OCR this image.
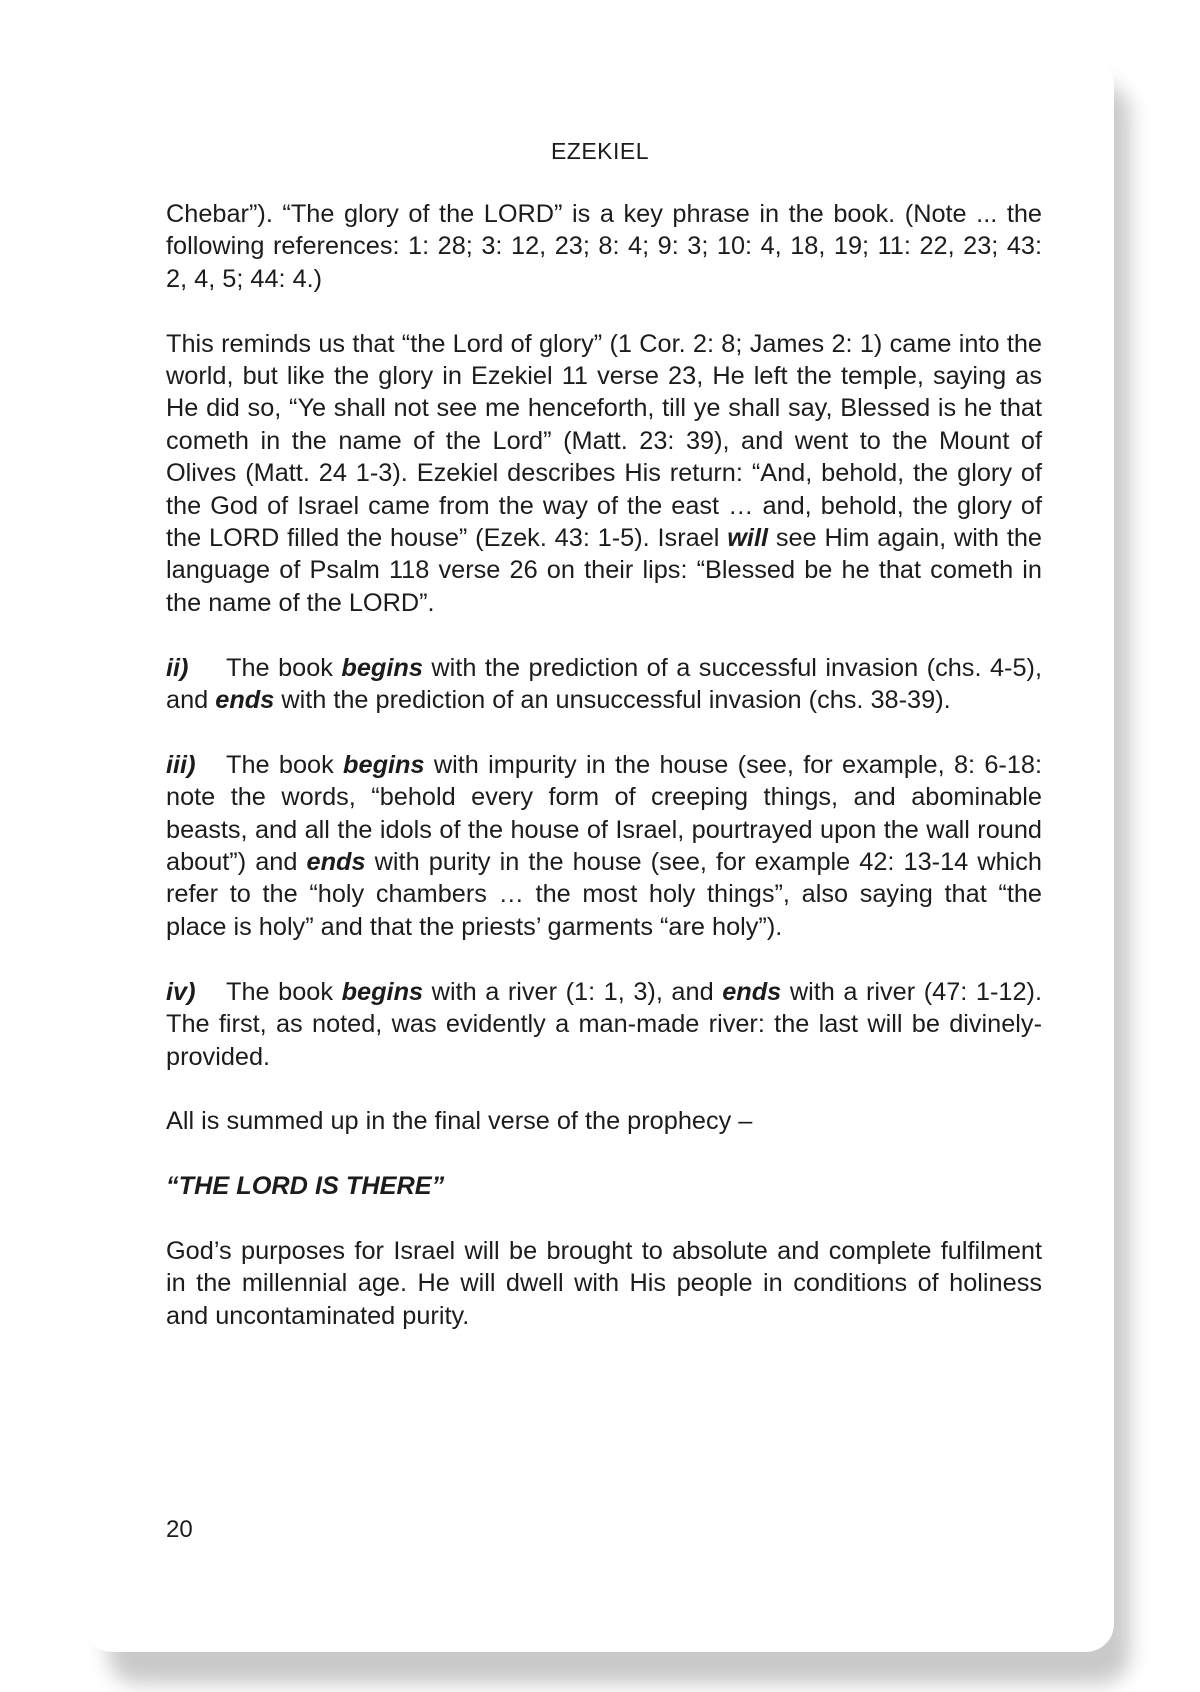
EZEKIEL

Chebar”). “The glory of the LORD” is a key phrase in the book. (Note ... the following references: 1: 28; 3: 12, 23; 8: 4; 9: 3; 10: 4, 18, 19; 11: 22, 23; 43: 2, 4, 5; 44: 4.)

This reminds us that “the Lord of glory” (1 Cor. 2: 8; James 2: 1) came into the world, but like the glory in Ezekiel 11 verse 23, He left the temple, saying as He did so, “Ye shall not see me henceforth, till ye shall say, Blessed is he that cometh in the name of the Lord” (Matt. 23: 39), and went to the Mount of Olives (Matt. 24 1-3). Ezekiel describes His return: “And, behold, the glory of the God of Israel came from the way of the east … and, behold, the glory of the LORD filled the house” (Ezek. 43: 1-5). Israel will see Him again, with the language of Psalm 118 verse 26 on their lips: “Blessed be he that cometh in the name of the LORD”.

ii) The book begins with the prediction of a successful invasion (chs. 4-5), and ends with the prediction of an unsuccessful invasion (chs. 38-39).

iii) The book begins with impurity in the house (see, for example, 8: 6-18: note the words, “behold every form of creeping things, and abominable beasts, and all the idols of the house of Israel, pourtrayed upon the wall round about”) and ends with purity in the house (see, for example 42: 13-14 which refer to the “holy chambers … the most holy things”, also saying that “the place is holy” and that the priests’ garments “are holy”).

iv) The book begins with a river (1: 1, 3), and ends with a river (47: 1-12). The first, as noted, was evidently a man-made river: the last will be divinely-provided.

All is summed up in the final verse of the prophecy –

“THE LORD IS THERE”

God’s purposes for Israel will be brought to absolute and complete fulfilment in the millennial age. He will dwell with His people in conditions of holiness and uncontaminated purity.

20
